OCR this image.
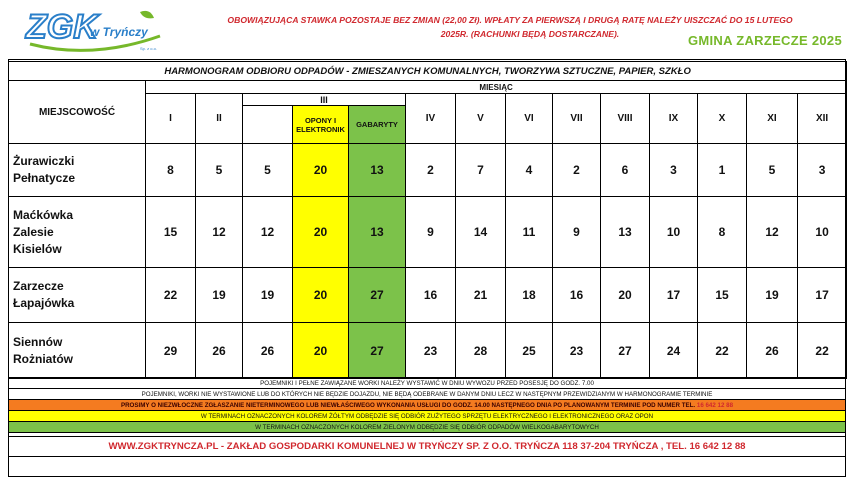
ZGK
w Tryńczy
Sp. z o.o.
OBOWIĄZUJĄCA STAWKA POZOSTAJE BEZ ZMIAN (22,00 Zł). WPŁATY ZA PIERWSZĄ I DRUGĄ RATĘ NALEŻY UISZCZAĆ DO 15 LUTEGO
2025R. (RACHUNKI BĘDĄ DOSTARCZANE).	GMINA ZARZECZE 2025
HARMONOGRAM ODBIORU ODPADÓW - ZMIESZANYCH KOMUNALNYCH, TWORZYWA SZTUCZNE, PAPIER, SZKŁO														
MIEJSCOWOŚĆ	MIESIĄC													
	I	II	III			IV	V	VI	VII	VIII	IX	X	XI	XII
				OPONY I ELEKTRONIK	GABARYTY									

Żurawiczki
Pełnatycze	8	5	5	20	13	2	7	4	2	6	3	1	5	3

Maćkówka
Zalesie
Kisielów	15	12	12	20	13	9	14	11	9	13	10	8	12	10

Zarzecze
Łapajówka	22	19	19	20	27	16	21	18	16	20	17	15	19	17

Siennów
Rożniatów	29	26	26	20	27	23	28	25	23	27	24	22	26	22
POJEMNIKI I PEŁNE ZAWIĄZANE WORKI NALEŻY WYSTAWIĆ W DNIU WYWOZU PRZED POSESJĘ DO GODZ. 7.00
POJEMNIKI, WORKI NIE WYSTAWIONE LUB DO KTÓRYCH NIE BĘDZIE DOJAZDU, NIE BĘDĄ ODEBRANE W DANYM DNIU LECZ W NASTĘPNYM PRZEWIDZIANYM W HARMONOGRAMIE TERMINIE
PROSIMY O NIEZWŁOCZNE ZGŁASZANIE NIETERMINOWEGO LUB NIEWŁAŚCIWEGO WYKONANIA USŁUGI DO GODZ. 14.00 NASTĘPNEGO DNIA PO PLANOWANYM TERMINIE POD NUMER TEL. 16 642 12 88
W TERMINACH OZNACZONYCH KOLOREM ŻÓŁTYM ODBĘDZIE SIĘ ODBIÓR ZUŻYTEGO SPRZĘTU ELEKTRYCZNEGO I ELEKTRONICZNEGO ORAZ OPON
W TERMINACH OZNACZONYCH KOLOREM ZIELONYM ODBĘDZIE SIĘ ODBIÓR ODPADÓW WIELKOGABARYTOWYCH

WWW.ZGKTRYNCZA.PL - ZAKŁAD GOSPODARKI KOMUNELNEJ W TRYŃCZY SP. Z O.O. TRYŃCZA 118 37-204 TRYŃCZA , TEL. 16 642 12 88
